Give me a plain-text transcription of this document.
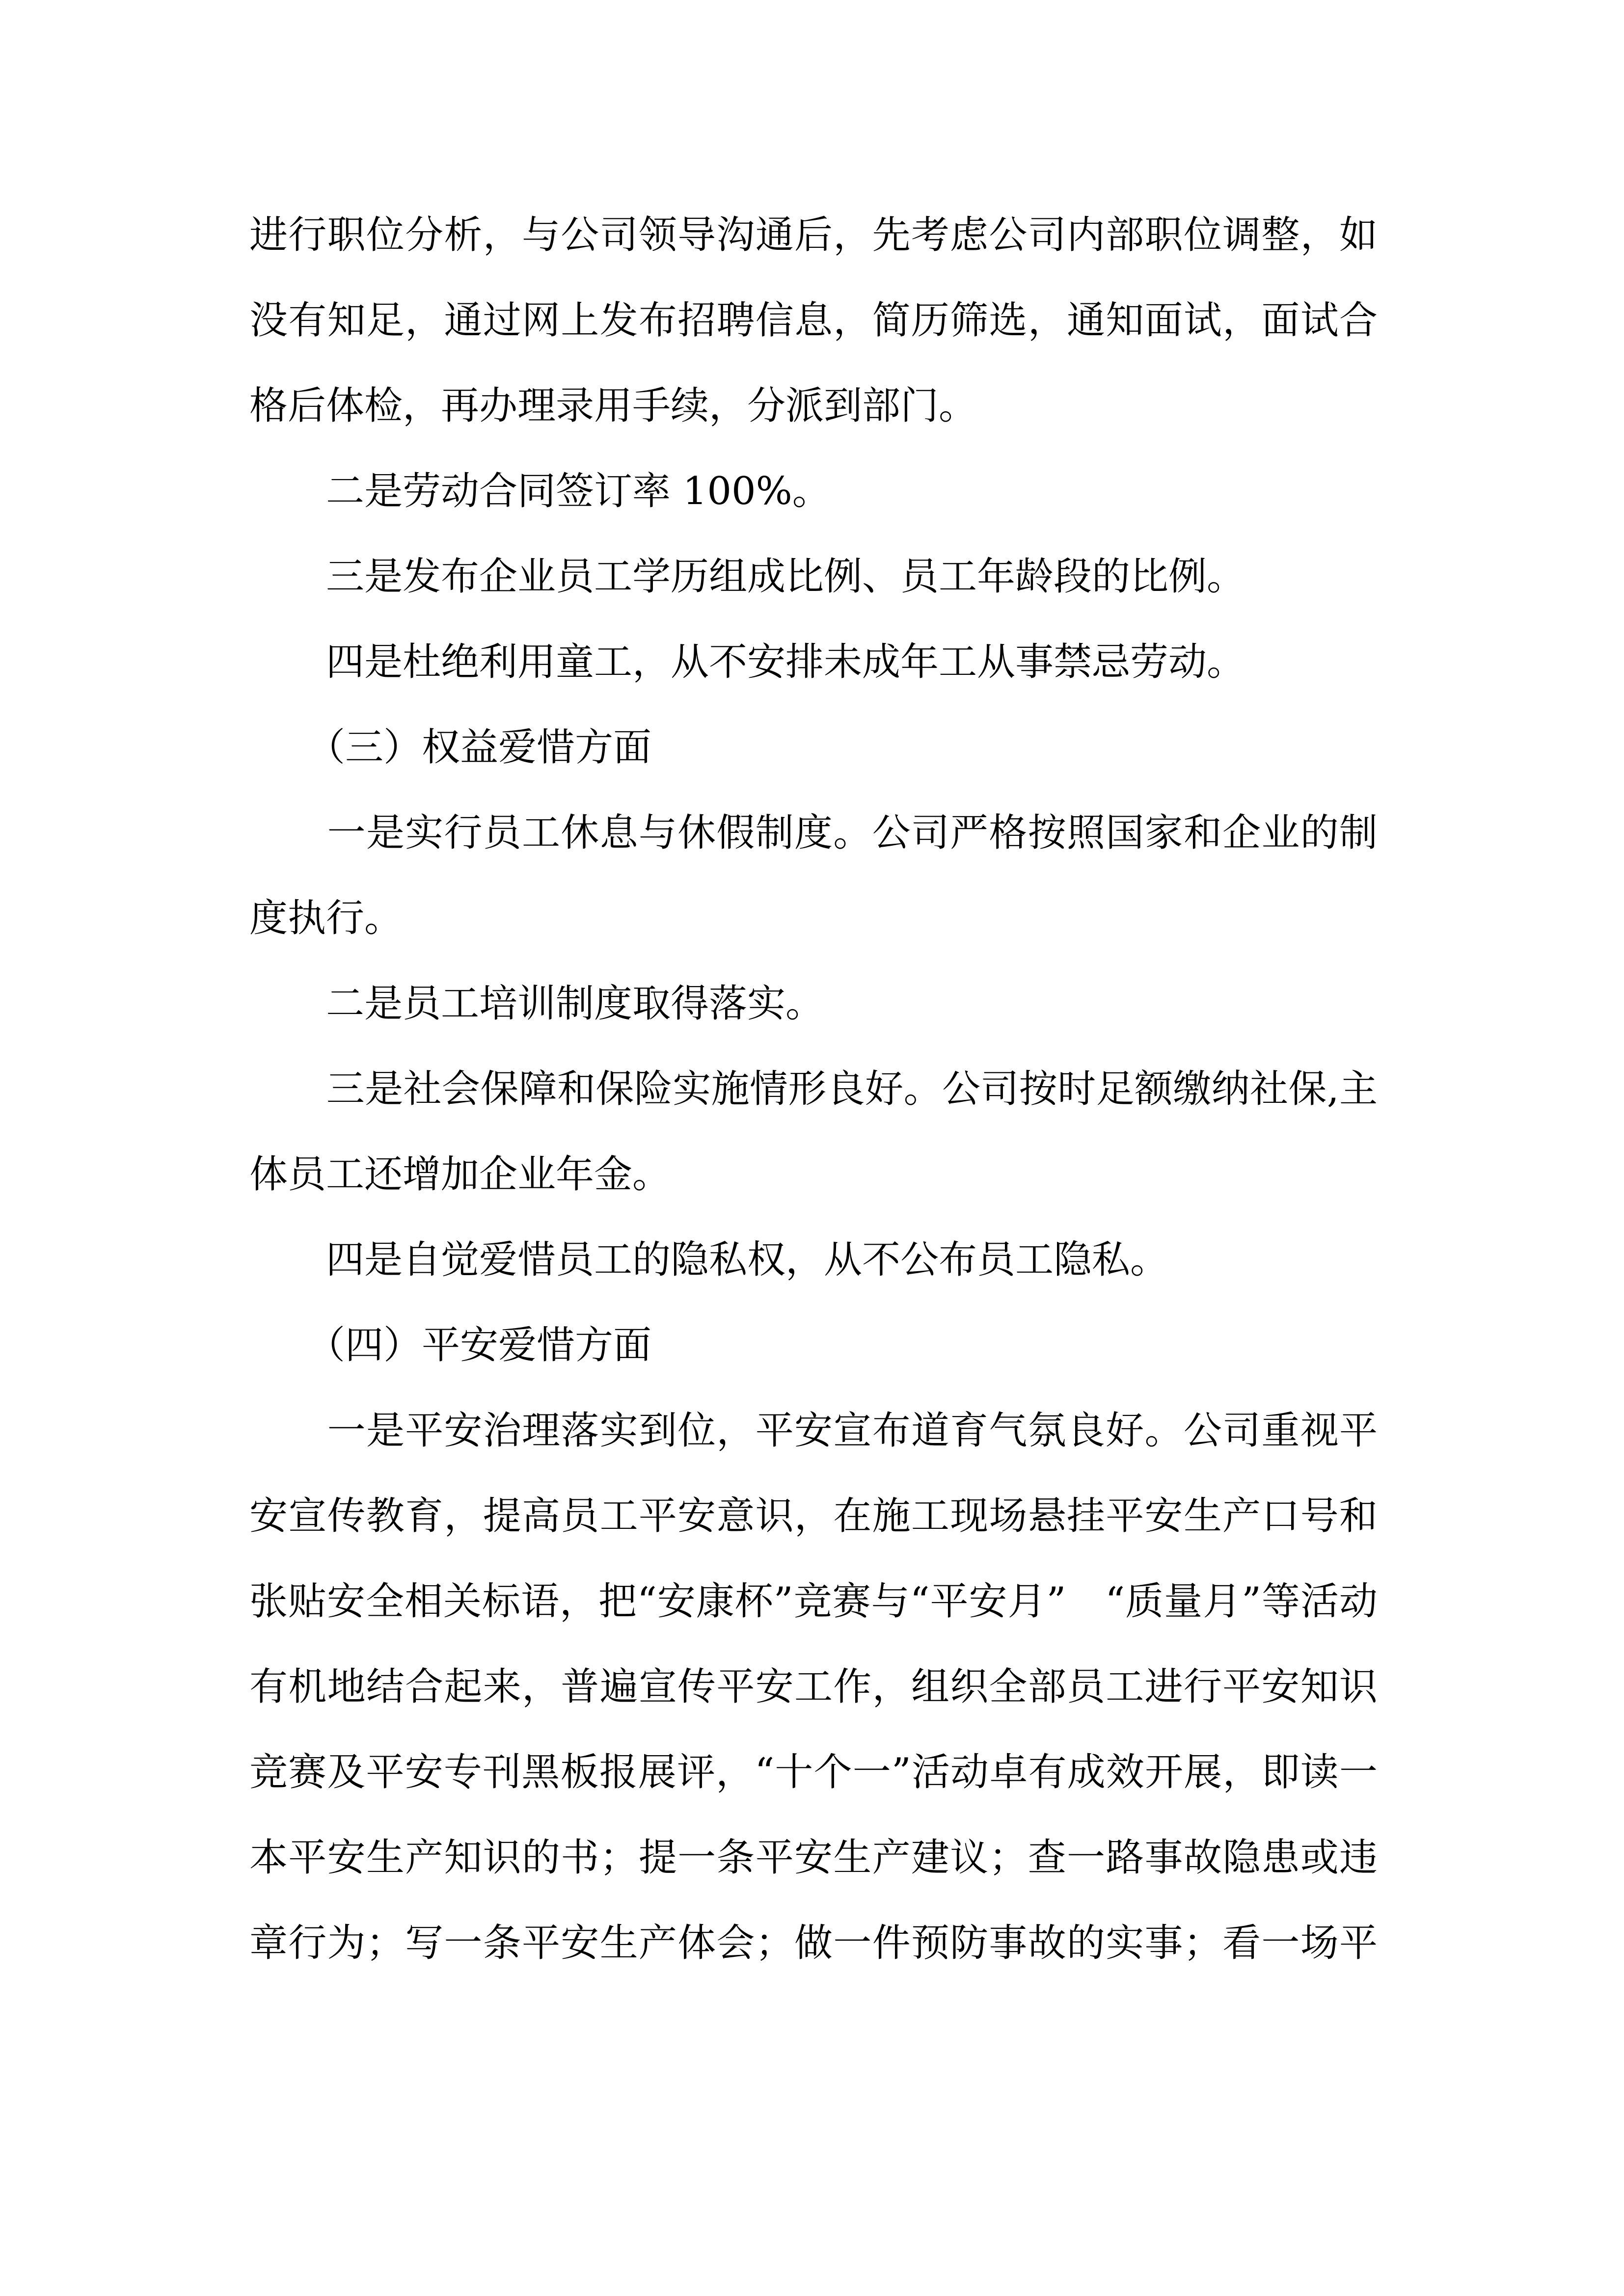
进行职位分析，与公司领导沟通后，先考虑公司内部职位调整，如
没有知足，通过网上发布招聘信息，简历筛选，通知面试，面试合
格后体检，再办理录用手续，分派到部门。
　　二是劳动合同签订率 100%。
　　三是发布企业员工学历组成比例、员工年龄段的比例。
　　四是杜绝利用童工，从不安排未成年工从事禁忌劳动。
　　（三）权益爱惜方面
　　一是实行员工休息与休假制度。公司严格按照国家和企业的制
度执行。
　　二是员工培训制度取得落实。
　　三是社会保障和保险实施情形良好。公司按时足额缴纳社保,主
体员工还增加企业年金。
　　四是自觉爱惜员工的隐私权，从不公布员工隐私。
　　（四）平安爱惜方面
　　一是平安治理落实到位，平安宣布道育气氛良好。公司重视平
安宣传教育，提高员工平安意识，在施工现场悬挂平安生产口号和
张贴安全相关标语，把“安康杯”竞赛与“平安月”　“质量月”等活动
有机地结合起来，普遍宣传平安工作，组织全部员工进行平安知识
竞赛及平安专刊黑板报展评，“十个一”活动卓有成效开展，即读一
本平安生产知识的书；提一条平安生产建议；查一路事故隐患或违
章行为；写一条平安生产体会；做一件预防事故的实事；看一场平
